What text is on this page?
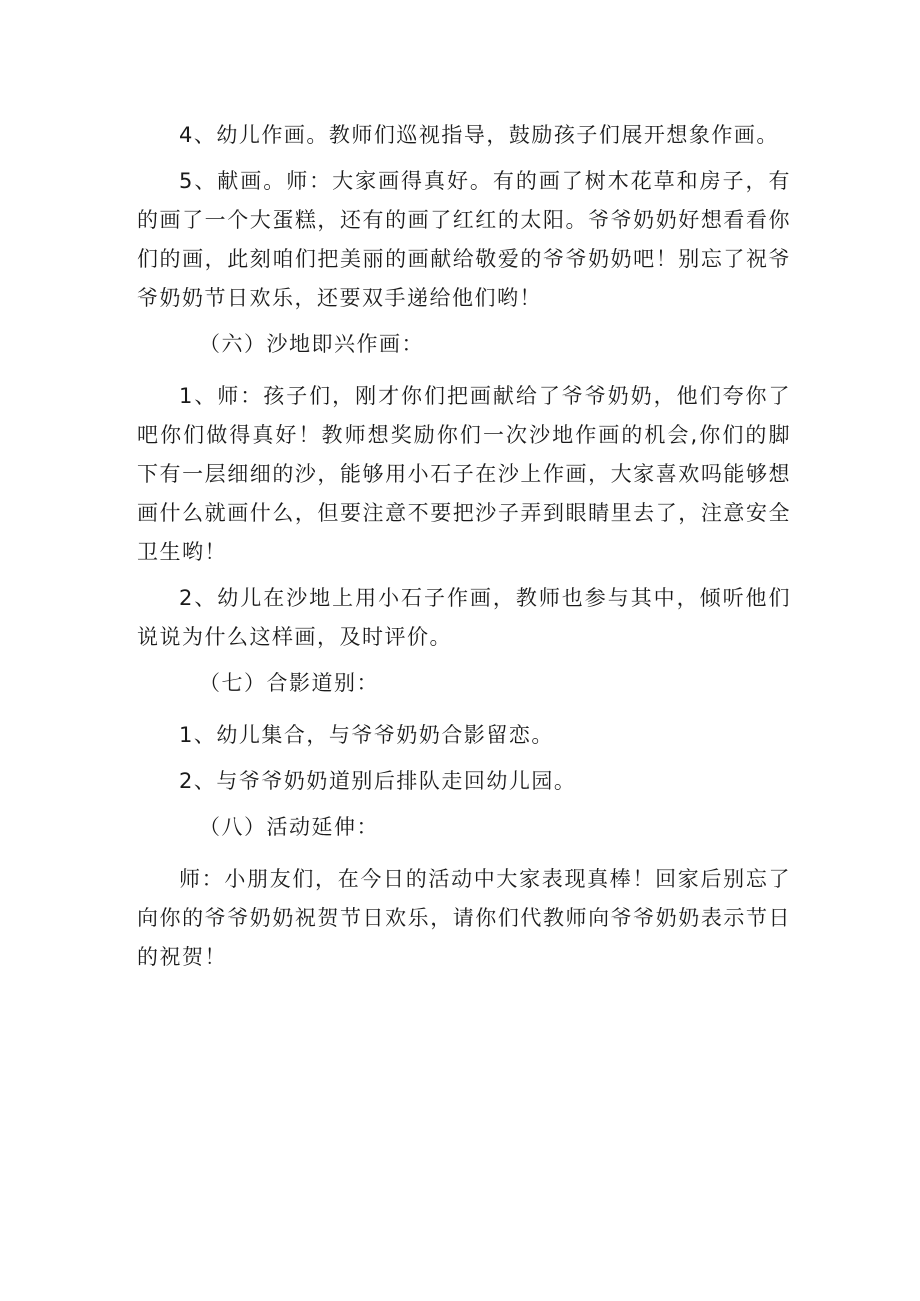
4、幼儿作画。教师们巡视指导，鼓励孩子们展开想象作画。

5、献画。师：大家画得真好。有的画了树木花草和房子，有的画了一个大蛋糕，还有的画了红红的太阳。爷爷奶奶好想看看你们的画，此刻咱们把美丽的画献给敬爱的爷爷奶奶吧！别忘了祝爷爷奶奶节日欢乐，还要双手递给他们哟！

（六）沙地即兴作画：

1、师：孩子们，刚才你们把画献给了爷爷奶奶，他们夸你了吧你们做得真好！教师想奖励你们一次沙地作画的机会,你们的脚下有一层细细的沙，能够用小石子在沙上作画，大家喜欢吗能够想画什么就画什么，但要注意不要把沙子弄到眼睛里去了，注意安全卫生哟！

2、幼儿在沙地上用小石子作画，教师也参与其中，倾听他们说说为什么这样画，及时评价。

（七）合影道别：

1、幼儿集合，与爷爷奶奶合影留恋。

2、与爷爷奶奶道别后排队走回幼儿园。

（八）活动延伸：

师：小朋友们，在今日的活动中大家表现真棒！回家后别忘了向你的爷爷奶奶祝贺节日欢乐，请你们代教师向爷爷奶奶表示节日的祝贺！
